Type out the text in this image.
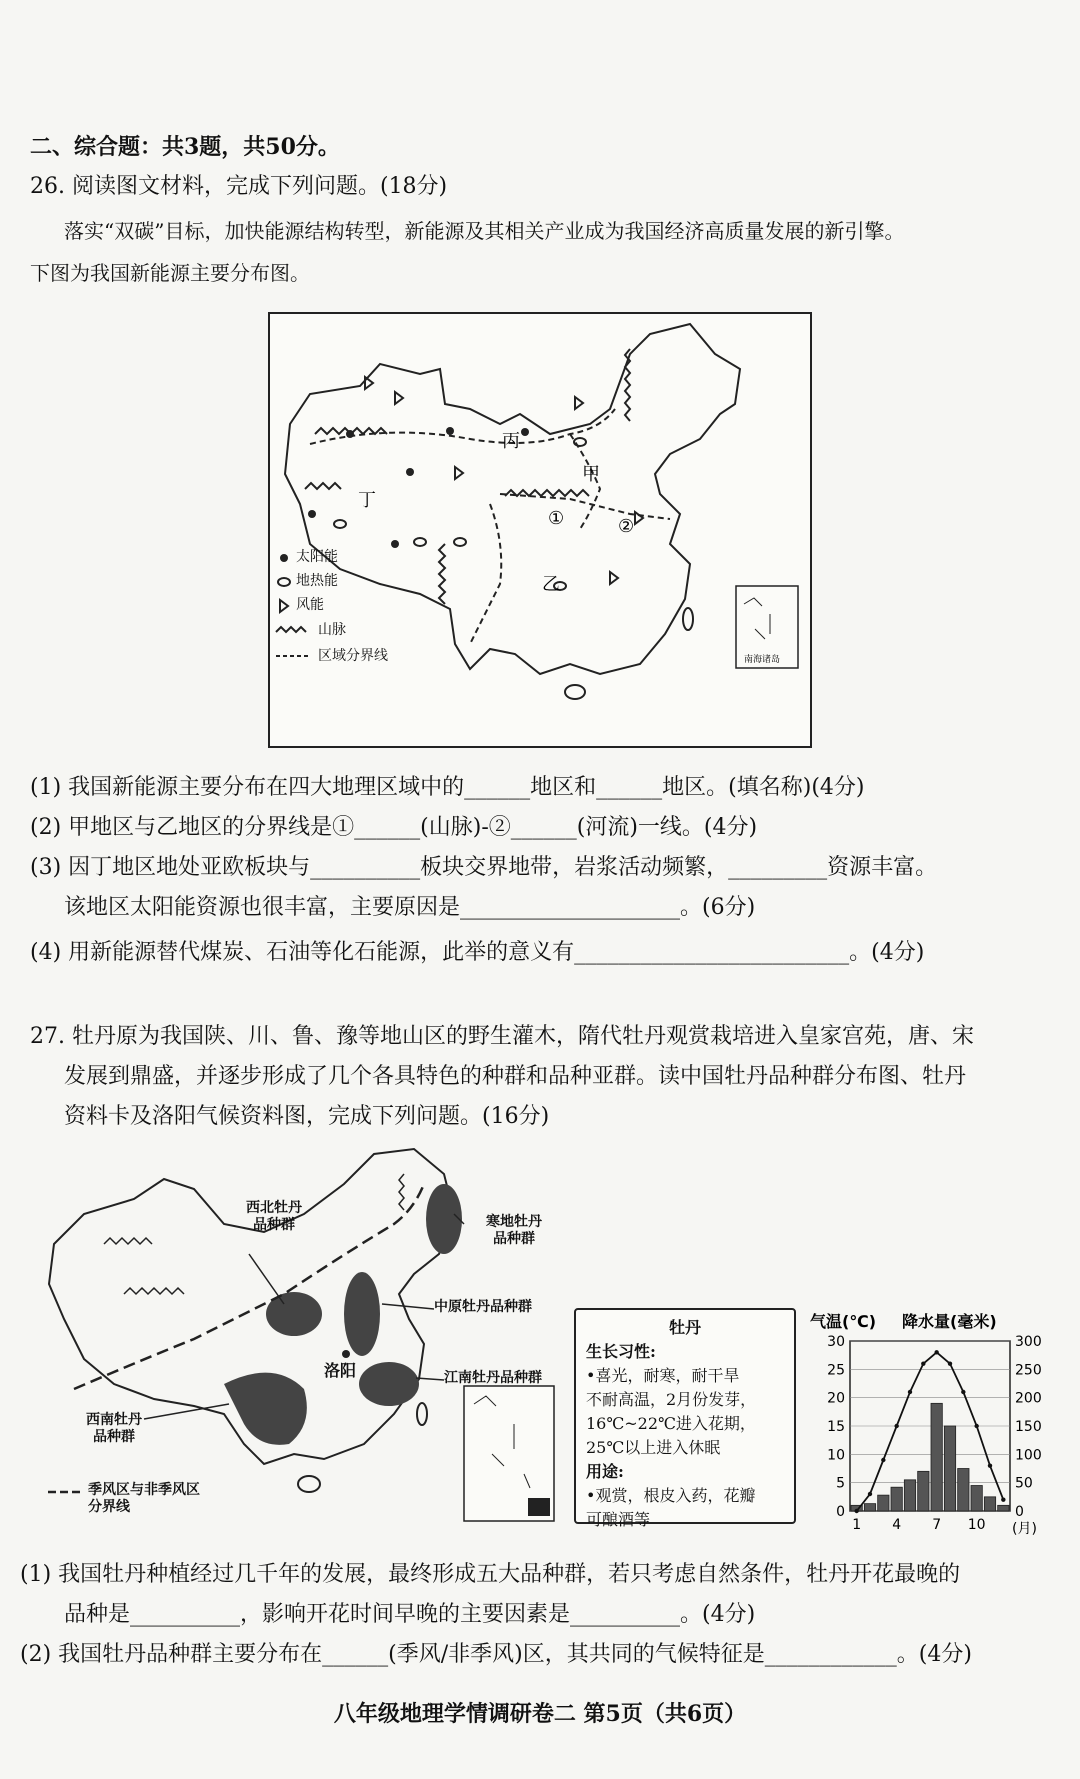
二、综合题：共3题，共50分。
26. 阅读图文材料，完成下列问题。(18分)
落实“双碳”目标，加快能源结构转型，新能源及其相关产业成为我国经济高质量发展的新引擎。
下图为我国新能源主要分布图。
丙
甲
丁
乙
①	②
南海诸岛
太阳能
地热能
风能
山脉
区域分界线
(1) 我国新能源主要分布在四大地理区域中的______地区和______地区。(填名称)(4分)
(2) 甲地区与乙地区的分界线是①______(山脉)-②______(河流)一线。(4分)
(3) 因丁地区地处亚欧板块与__________板块交界地带，岩浆活动频繁，_________资源丰富。
该地区太阳能资源也很丰富，主要原因是____________________。(6分)
(4) 用新能源替代煤炭、石油等化石能源，此举的意义有_________________________。(4分)
27. 牡丹原为我国陕、川、鲁、豫等地山区的野生灌木，隋代牡丹观赏栽培进入皇家宫苑，唐、宋
发展到鼎盛，并逐步形成了几个各具特色的种群和品种亚群。读中国牡丹品种群分布图、牡丹
资料卡及洛阳气候资料图，完成下列问题。(16分)
西北牡丹品种群	寒地牡丹品种群
中原牡丹品种群
江南牡丹品种群
西南牡丹品种群
洛阳
季风区与非季风区分界线
牡丹
生长习性:
•喜光，耐寒，耐干旱
不耐高温，2月份发芽，
16℃~22℃进入花期，
25℃以上进入休眠
用途:
•观赏，根皮入药，花瓣
可酿酒等
气温(℃) 降水量(毫米)
0
5
10
15
20
25
30
0
50
100
150
200
250
300
1 4 7 10 (月)
(1) 我国牡丹种植经过几千年的发展，最终形成五大品种群，若只考虑自然条件，牡丹开花最晚的
品种是__________，影响开花时间早晚的主要因素是__________。(4分)
(2) 我国牡丹品种群主要分布在______(季风/非季风)区，其共同的气候特征是____________。(4分)
八年级地理学情调研卷二 第5页（共6页）
